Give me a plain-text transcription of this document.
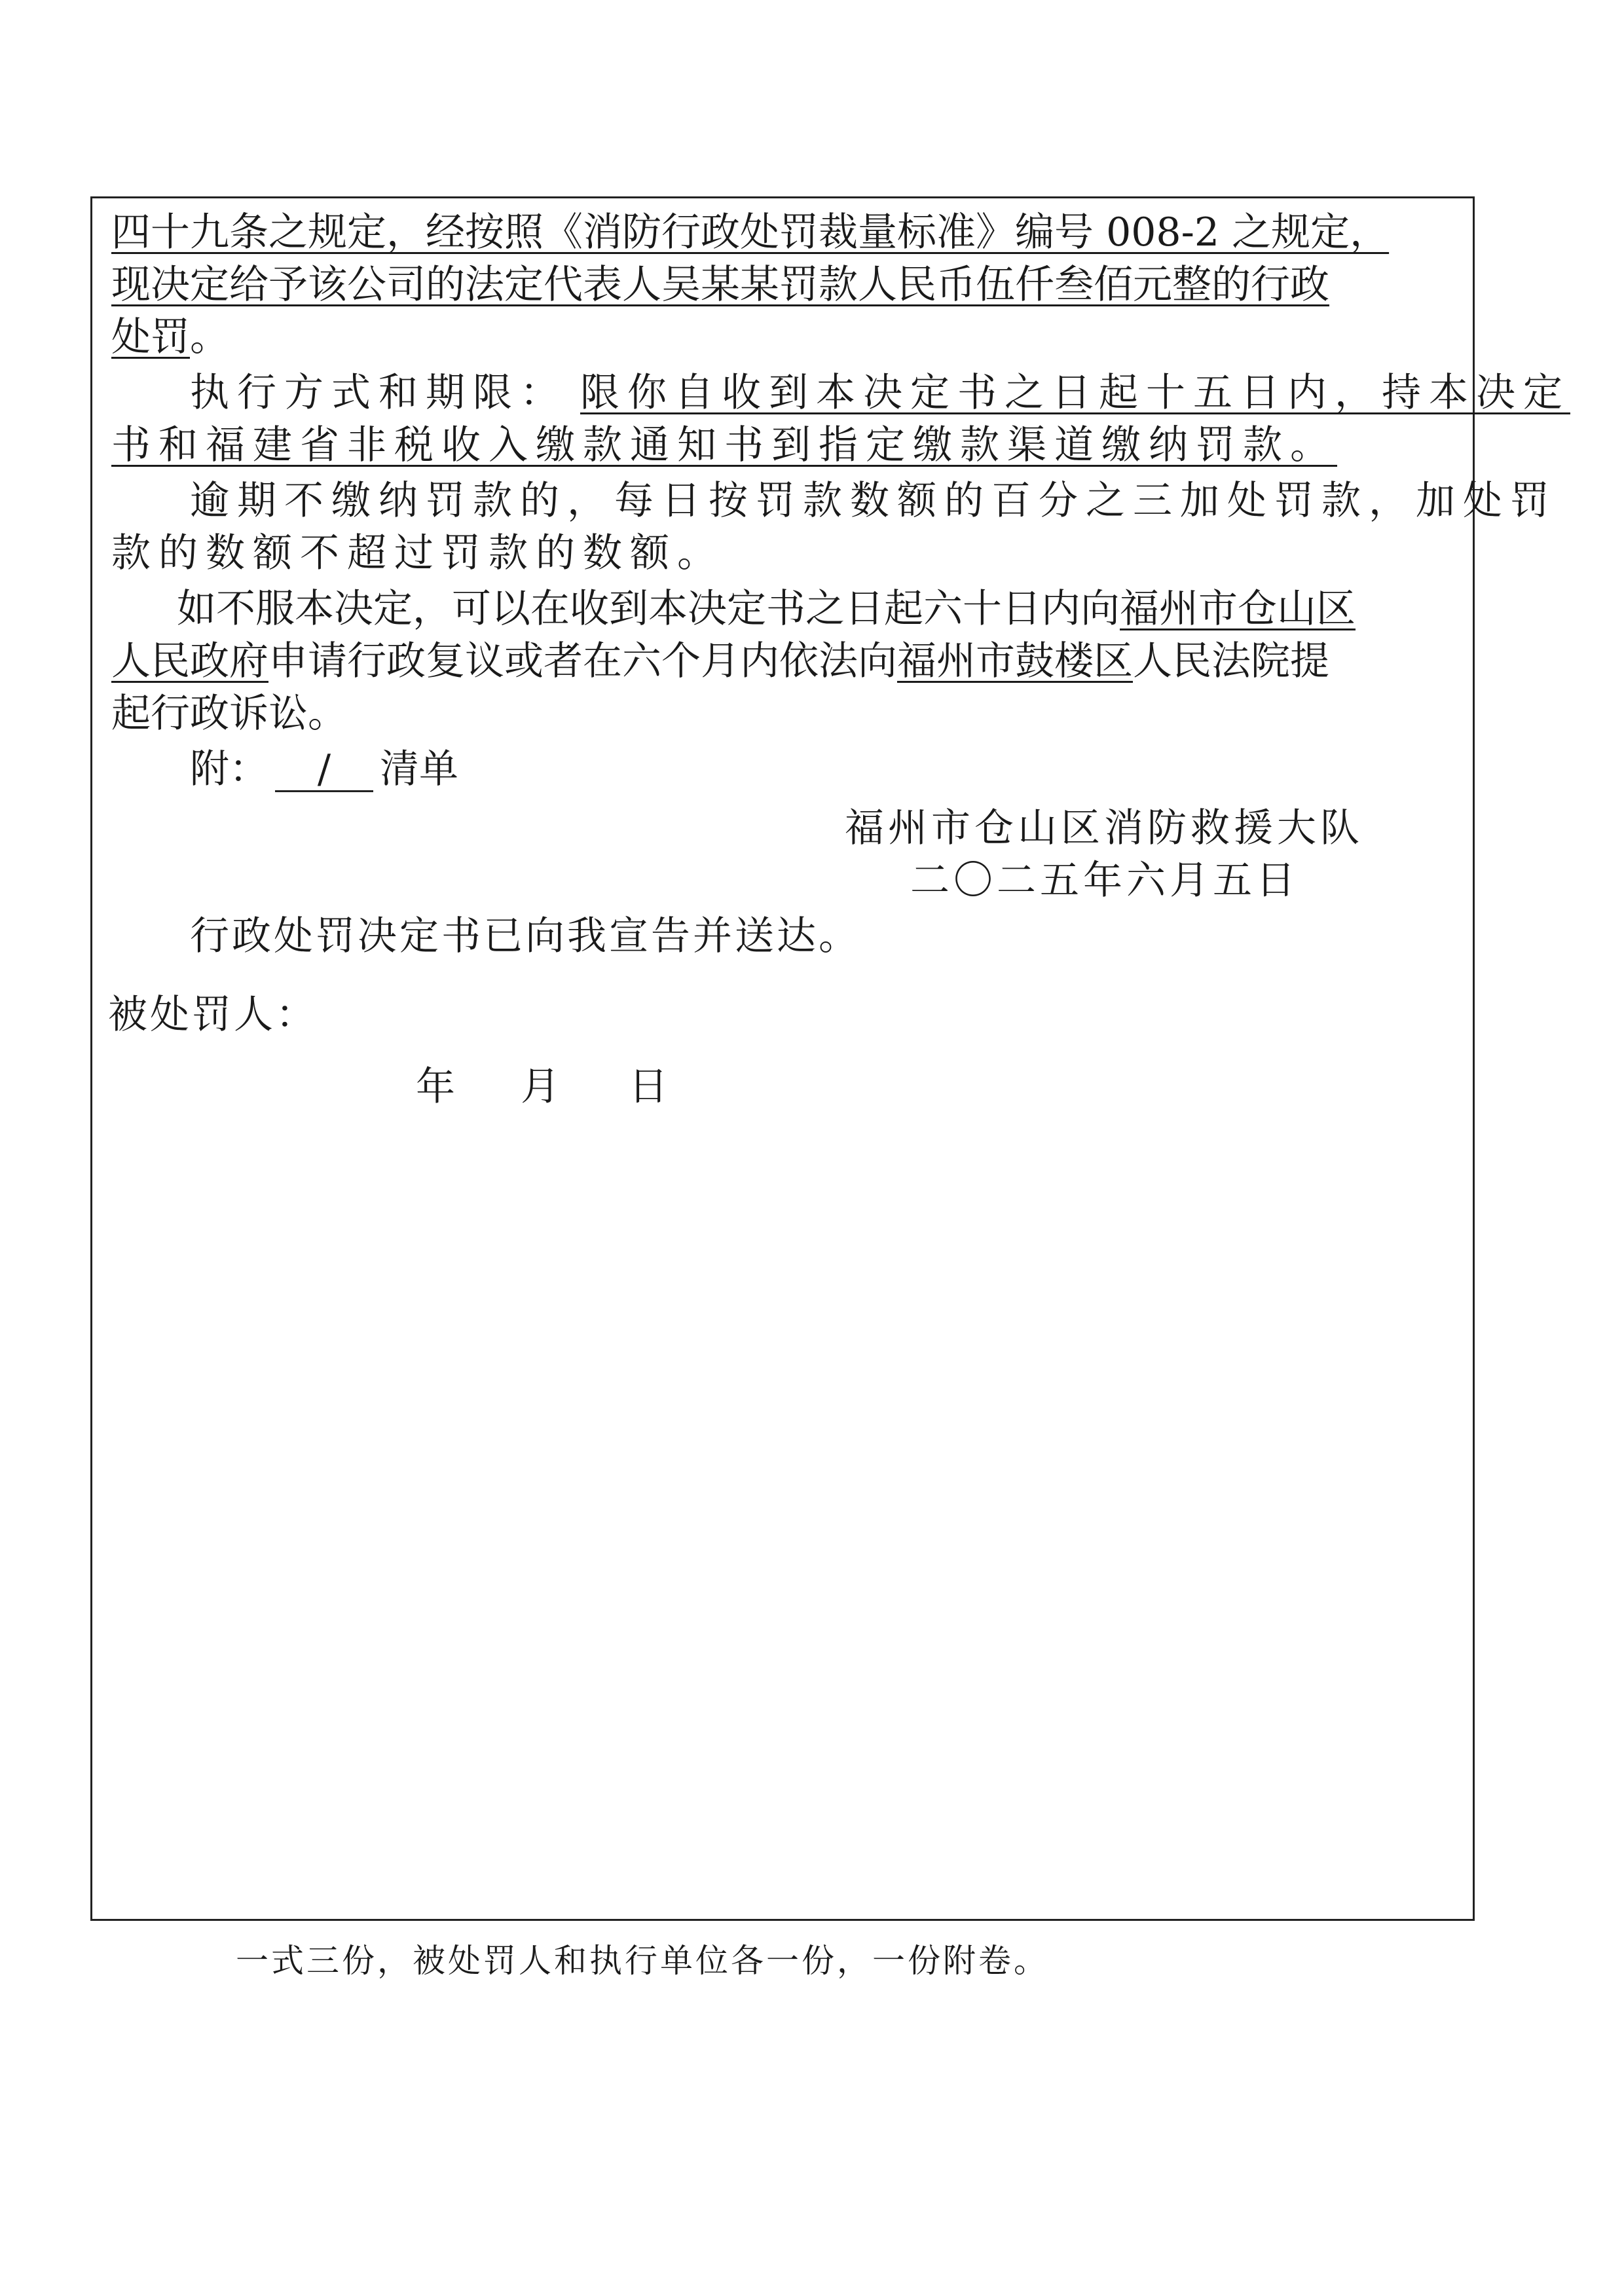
四十九条之规定，经按照《消防行政处罚裁量标准》编号 008-2 之规定，
现决定给予该公司的法定代表人吴某某罚款人民币伍仟叁佰元整的行政
处罚。
执行方式和期限： 限你自收到本决定书之日起十五日内，持本决定
书和福建省非税收入缴款通知书到指定缴款渠道缴纳罚款。
逾期不缴纳罚款的，每日按罚款数额的百分之三加处罚款，加处罚
款的数额不超过罚款的数额。
如不服本决定，可以在收到本决定书之日起六十日内向福州市仓山区
人民政府申请行政复议或者在六个月内依法向福州市鼓楼区人民法院提
起行政诉讼。
附： / 清单
福州市仓山区消防救援大队
二〇二五年六月五日
行政处罚决定书已向我宣告并送达。
被处罚人：
年 月 日
一式三份，被处罚人和执行单位各一份，一份附卷。
